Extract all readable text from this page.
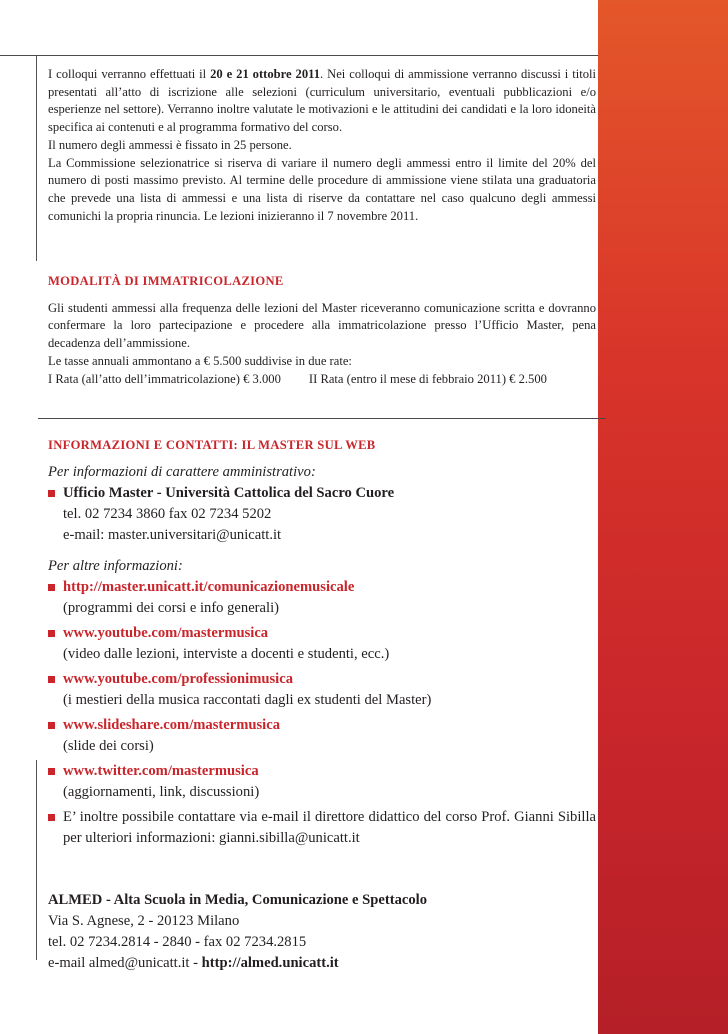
I colloqui verranno effettuati il 20 e 21 ottobre 2011. Nei colloqui di ammissione verranno discussi i titoli presentati all’atto di iscrizione alle selezioni (curriculum universitario, eventuali pubblicazioni e/o esperienze nel settore). Verranno inoltre valutate le motivazioni e le attitudini dei candidati e la loro idoneità specifica ai contenuti e al programma formativo del corso.

Il numero degli ammessi è fissato in 25 persone.

La Commissione selezionatrice si riserva di variare il numero degli ammessi entro il limite del 20% del numero di posti massimo previsto. Al termine delle procedure di ammissione viene stilata una graduatoria che prevede una lista di ammessi e una lista di riserve da contattare nel caso qualcuno degli ammessi comunichi la propria rinuncia. Le lezioni inizieranno il 7 novembre 2011.

MODALITÀ DI IMMATRICOLAZIONE

Gli studenti ammessi alla frequenza delle lezioni del Master riceveranno comunicazione scritta e dovranno confermare la loro partecipazione e procedere alla immatricolazione presso l’Ufficio Master, pena decadenza dell’ammissione.

Le tasse annuali ammontano a € 5.500 suddivise in due rate:

I Rata (all’atto dell’immatricolazione) € 3.000 II Rata (entro il mese di febbraio 2011) € 2.500

INFORMAZIONI E CONTATTI: IL MASTER SUL WEB

Per informazioni di carattere amministrativo:

Ufficio Master - Università Cattolica del Sacro Cuore

tel. 02 7234 3860 fax 02 7234 5202

e-mail: master.universitari@unicatt.it

Per altre informazioni:

http://master.unicatt.it/comunicazionemusicale

(programmi dei corsi e info generali)

www.youtube.com/mastermusica

(video dalle lezioni, interviste a docenti e studenti, ecc.)

www.youtube.com/professionimusica

(i mestieri della musica raccontati dagli ex studenti del Master)

www.slideshare.com/mastermusica

(slide dei corsi)

www.twitter.com/mastermusica

(aggiornamenti, link, discussioni)

E’ inoltre possibile contattare via e-mail il direttore didattico del corso Prof. Gianni Sibilla per ulteriori informazioni: gianni.sibilla@unicatt.it

ALMED - Alta Scuola in Media, Comunicazione e Spettacolo

Via S. Agnese, 2 - 20123 Milano

tel. 02 7234.2814 - 2840 - fax 02 7234.2815

e-mail almed@unicatt.it - http://almed.unicatt.it
